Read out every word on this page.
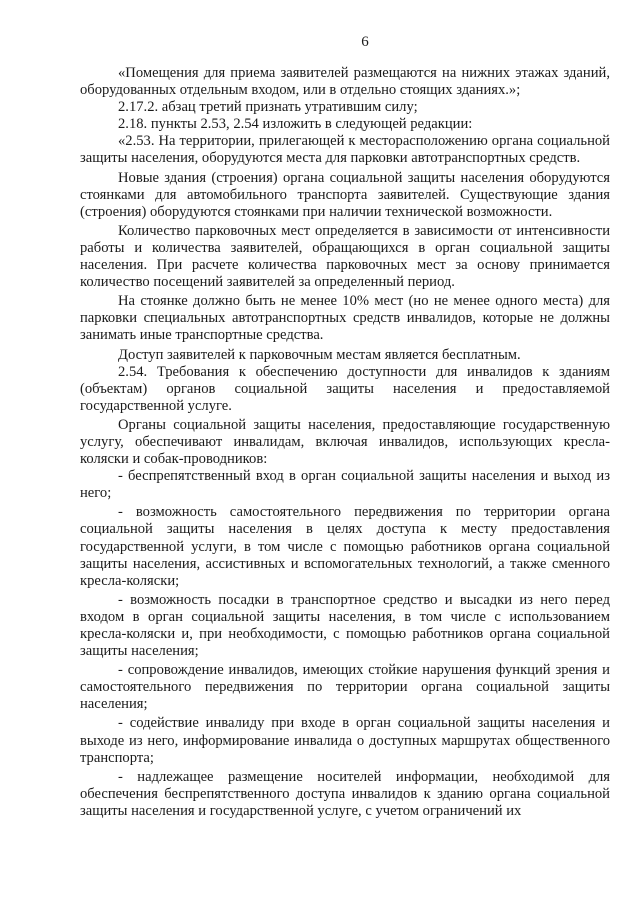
6

«Помещения для приема заявителей размещаются на нижних этажах зданий, оборудованных отдельным входом, или в отдельно стоящих зданиях.»;

2.17.2. абзац третий признать утратившим силу;

2.18. пункты 2.53, 2.54 изложить в следующей редакции:

«2.53. На территории, прилегающей к месторасположению органа социальной защиты населения, оборудуются места для парковки автотранспортных средств.

Новые здания (строения) органа социальной защиты населения оборудуются стоянками для автомобильного транспорта заявителей. Существующие здания (строения) оборудуются стоянками при наличии технической возможности.

Количество парковочных мест определяется в зависимости от интенсивности работы и количества заявителей, обращающихся в орган социальной защиты населения. При расчете количества парковочных мест за основу принимается количество посещений заявителей за определенный период.

На стоянке должно быть не менее 10% мест (но не менее одного места) для парковки специальных автотранспортных средств инвалидов, которые не должны занимать иные транспортные средства.

Доступ заявителей к парковочным местам является бесплатным.

2.54. Требования к обеспечению доступности для инвалидов к зданиям (объектам) органов социальной защиты населения и предоставляемой государственной услуге.

Органы социальной защиты населения, предоставляющие государственную услугу, обеспечивают инвалидам, включая инвалидов, использующих кресла-коляски и собак-проводников:

- беспрепятственный вход в орган социальной защиты населения и выход из него;

- возможность самостоятельного передвижения по территории органа социальной защиты населения в целях доступа к месту предоставления государственной услуги, в том числе с помощью работников органа социальной защиты населения, ассистивных и вспомогательных технологий, а также сменного кресла-коляски;

- возможность посадки в транспортное средство и высадки из него перед входом в орган социальной защиты населения, в том числе с использованием кресла-коляски и, при необходимости, с помощью работников органа социальной защиты населения;

- сопровождение инвалидов, имеющих стойкие нарушения функций зрения и самостоятельного передвижения по территории органа социальной защиты населения;

- содействие инвалиду при входе в орган социальной защиты населения и выходе из него, информирование инвалида о доступных маршрутах общественного транспорта;

- надлежащее размещение носителей информации, необходимой для обеспечения беспрепятственного доступа инвалидов к зданию органа социальной защиты населения и государственной услуге, с учетом ограничений их
